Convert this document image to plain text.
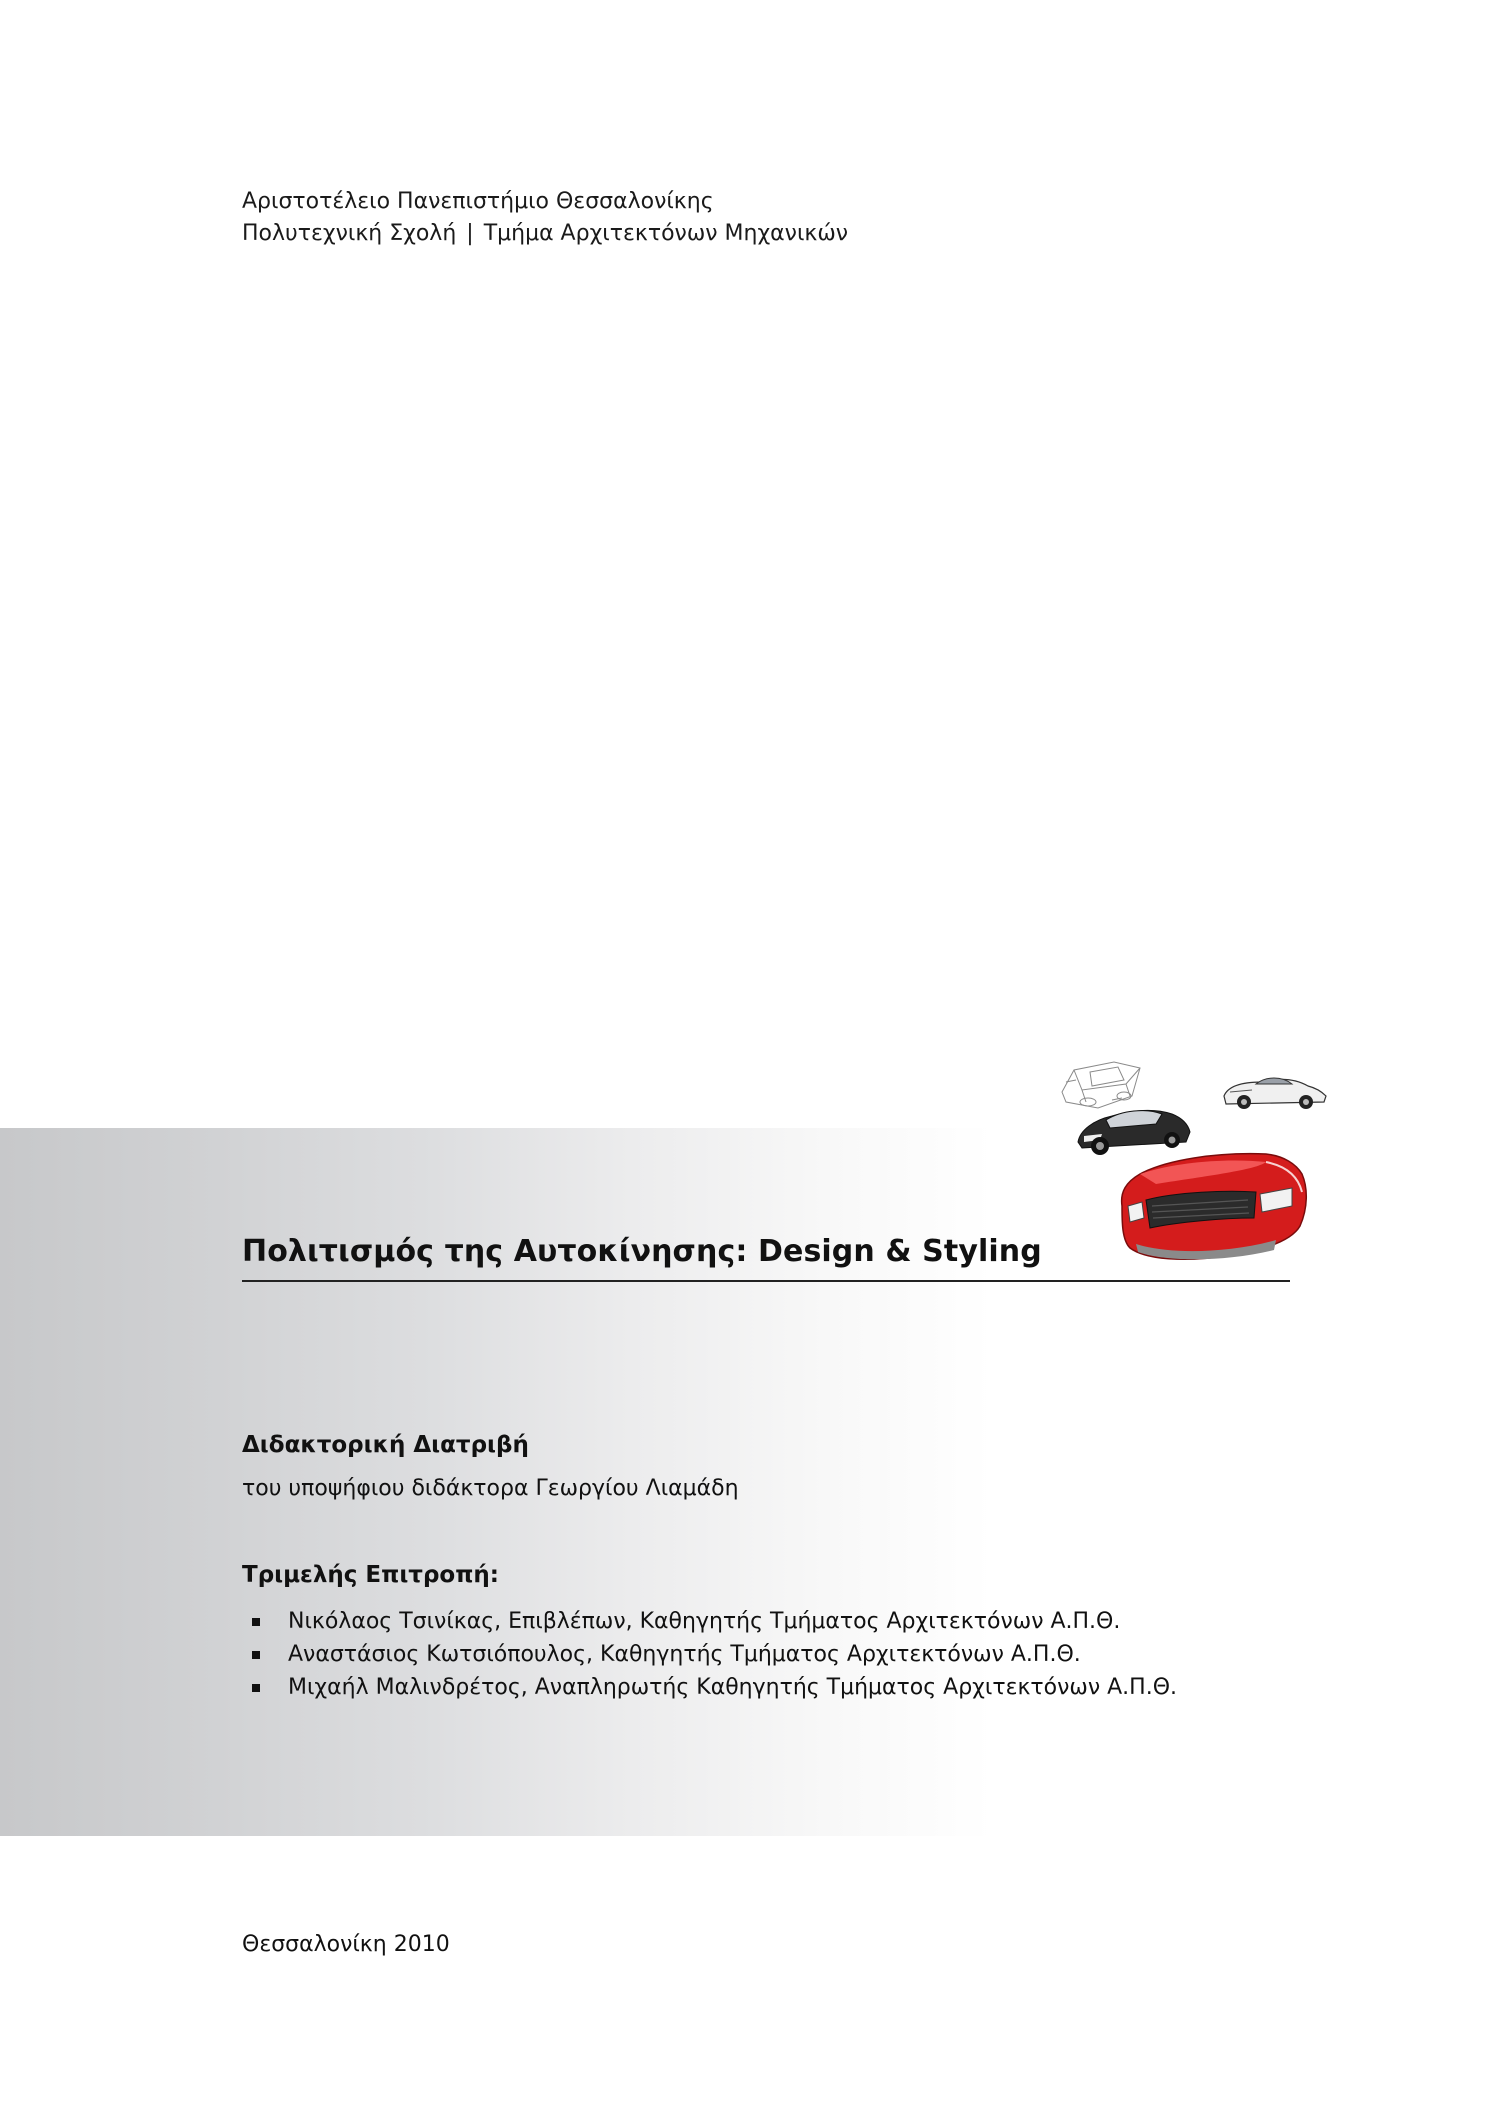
Αριστοτέλειο Πανεπιστήμιο Θεσσαλονίκης
Πολυτεχνική Σχολή | Τμήμα Αρχιτεκτόνων Μηχανικών
Πολιτισμός της Αυτοκίνησης: Design & Styling
Διδακτορική Διατριβή
του υποψήφιου διδάκτορα Γεωργίου Λιαμάδη
Τριμελής Επιτροπή:
Νικόλαος Τσινίκας, Επιβλέπων, Καθηγητής Τμήματος Αρχιτεκτόνων Α.Π.Θ.
Αναστάσιος Κωτσιόπουλος, Καθηγητής Τμήματος Αρχιτεκτόνων Α.Π.Θ.
Μιχαήλ Μαλινδρέτος, Αναπληρωτής Καθηγητής Τμήματος Αρχιτεκτόνων Α.Π.Θ.
Θεσσαλονίκη 2010
